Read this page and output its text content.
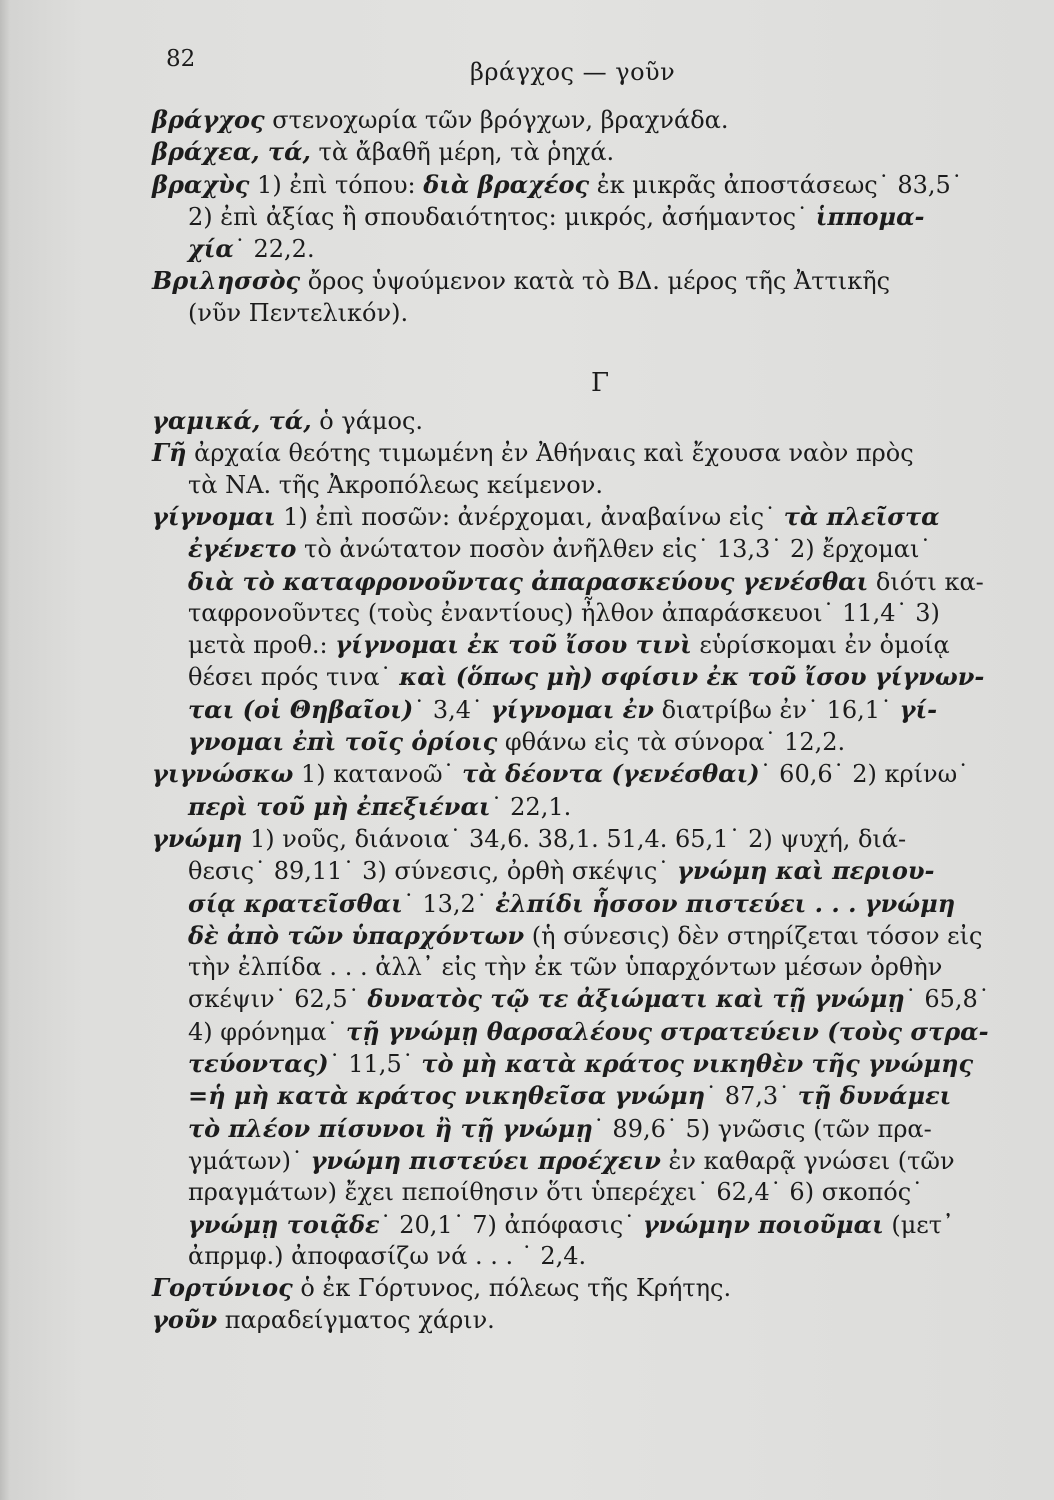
82	βράγχος — γοῦν
βράγχος στενοχωρία τῶν βρόγχων, βραχνάδα.
βράχεα, τά, τὰ ἄβαθῆ μέρη, τὰ ῥηχά.
βραχὺς 1) ἐπὶ τόπου: διὰ βραχέος ἐκ μικρᾶς ἀποστάσεως˙ 83,5˙
2) ἐπὶ ἀξίας ἢ σπουδαιότητος: μικρός, ἀσήμαντος˙ ἱππομα-
χία˙ 22,2.
Βριλησσὸς ὄρος ὑψούμενον κατὰ τὸ ΒΔ. μέρος τῆς Ἀττικῆς
(νῦν Πεντελικόν).
Γ
γαμικά, τά, ὁ γάμος.
Γῆ ἀρχαία θεότης τιμωμένη ἐν Ἀθήναις καὶ ἔχουσα ναὸν πρὸς
τὰ ΝΑ. τῆς Ἀκροπόλεως κείμενον.
γίγνομαι 1) ἐπὶ ποσῶν: ἀνέρχομαι, ἀναβαίνω εἰς˙ τὰ πλεῖστα
ἐγένετο τὸ ἀνώτατον ποσὸν ἀνῆλθεν εἰς˙ 13,3˙ 2) ἔρχομαι˙
διὰ τὸ καταφρονοῦντας ἀπαρασκεύους γενέσθαι διότι κα-
ταφρονοῦντες (τοὺς ἐναντίους) ἦλθον ἀπαράσκευοι˙ 11,4˙ 3)
μετὰ προθ.: γίγνομαι ἐκ τοῦ ἴσου τινὶ εὑρίσκομαι ἐν ὁμοίᾳ
θέσει πρός τινα˙ καὶ (ὅπως μὴ) σφίσιν ἐκ τοῦ ἴσου γίγνων-
ται (οἱ Θηβαῖοι)˙ 3,4˙ γίγνομαι ἐν διατρίβω ἐν˙ 16,1˙ γί-
γνομαι ἐπὶ τοῖς ὁρίοις φθάνω εἰς τὰ σύνορα˙ 12,2.
γιγνώσκω 1) κατανοῶ˙ τὰ δέοντα (γενέσθαι)˙ 60,6˙ 2) κρίνω˙
περὶ τοῦ μὴ ἐπεξιέναι˙ 22,1.
γνώμη 1) νοῦς, διάνοια˙ 34,6. 38,1. 51,4. 65,1˙ 2) ψυχή, διά-
θεσις˙ 89,11˙ 3) σύνεσις, ὀρθὴ σκέψις˙ γνώμη καὶ περιου-
σίᾳ κρατεῖσθαι˙ 13,2˙ ἐλπίδι ἧσσον πιστεύει . . . γνώμη
δὲ ἀπὸ τῶν ὑπαρχόντων (ἡ σύνεσις) δὲν στηρίζεται τόσον εἰς
τὴν ἐλπίδα . . . ἀλλ᾽ εἰς τὴν ἐκ τῶν ὑπαρχόντων μέσων ὀρθὴν
σκέψιν˙ 62,5˙ δυνατὸς τῷ τε ἀξιώματι καὶ τῇ γνώμῃ˙ 65,8˙
4) φρόνημα˙ τῇ γνώμῃ θαρσαλέους στρατεύειν (τοὺς στρα-
τεύοντας)˙ 11,5˙ τὸ μὴ κατὰ κράτος νικηθὲν τῆς γνώμης
=ἡ μὴ κατὰ κράτος νικηθεῖσα γνώμη˙ 87,3˙ τῇ δυνάμει
τὸ πλέον πίσυνοι ἢ τῇ γνώμῃ˙ 89,6˙ 5) γνῶσις (τῶν πρα-
γμάτων)˙ γνώμη πιστεύει προέχειν ἐν καθαρᾷ γνώσει (τῶν
πραγμάτων) ἔχει πεποίθησιν ὅτι ὑπερέχει˙ 62,4˙ 6) σκοπός˙
γνώμῃ τοιᾷδε˙ 20,1˙ 7) ἀπόφασις˙ γνώμην ποιοῦμαι (μετ᾽
ἀπρμφ.) ἀποφασίζω νά . . . ˙ 2,4.
Γορτύνιος ὁ ἐκ Γόρτυνος, πόλεως τῆς Κρήτης.
γοῦν παραδείγματος χάριν.
